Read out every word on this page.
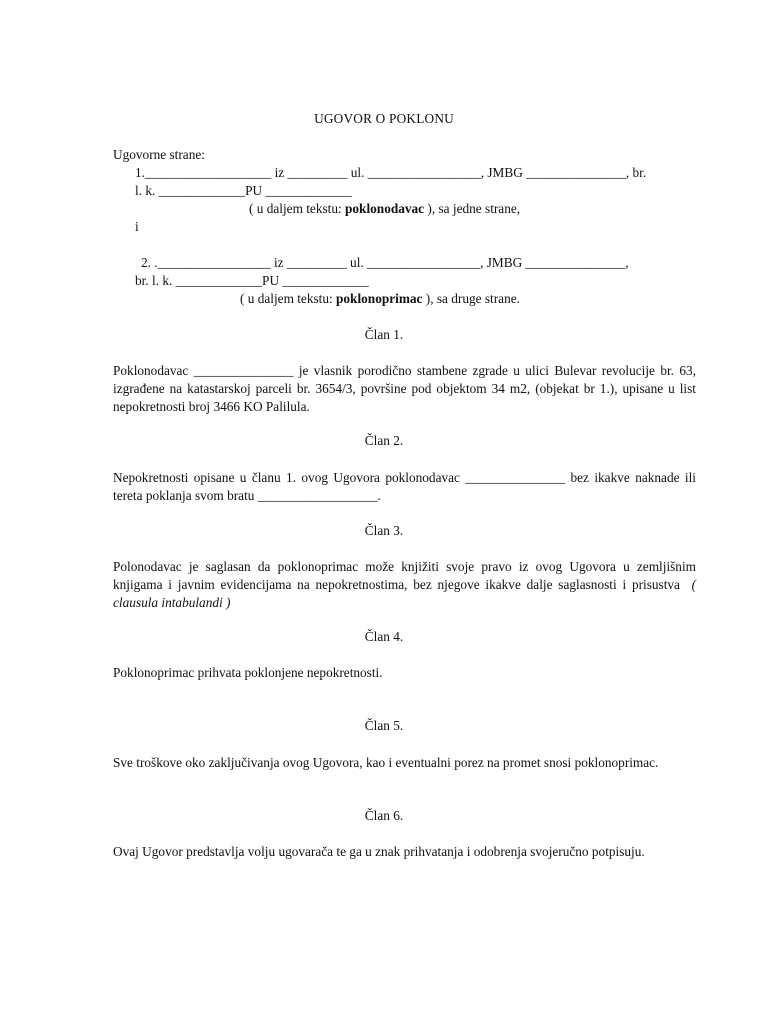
UGOVOR O POKLONU
Ugovorne strane:
1.___________________ iz _________ ul. _________________, JMBG _______________, br.
l. k. _____________PU _____________
( u daljem tekstu: poklonodavac ), sa jedne strane,
i
2. ._________________ iz _________ ul. _________________, JMBG _______________,
br. l. k. _____________PU _____________
( u daljem tekstu: poklonoprimac ), sa druge strane.
Član 1.
Poklonodavac _______________ je vlasnik porodično stambene zgrade u ulici Bulevar revolucije br. 63, izgrađene na katastarskoj parceli br. 3654/3, površine pod objektom 34 m2, (objekat br 1.), upisane u list nepokretnosti broj 3466 KO Palilula.
Član 2.
Nepokretnosti opisane u članu 1. ovog Ugovora poklonodavac _______________ bez ikakve naknade ili tereta poklanja svom bratu __________________.
Član 3.
Polonodavac je saglasan da poklonoprimac može knjižiti svoje pravo iz ovog Ugovora u zemljišnim knjigama i javnim evidencijama na nepokretnostima, bez njegove ikakve dalje saglasnosti i prisustva ( clausula intabulandi )
Član 4.
Poklonoprimac prihvata poklonjene nepokretnosti.
Član 5.
Sve troškove oko zaključivanja ovog Ugovora, kao i eventualni porez na promet snosi poklonoprimac.
Član 6.
Ovaj Ugovor predstavlja volju ugovarača te ga u znak prihvatanja i odobrenja svojeručno potpisuju.
